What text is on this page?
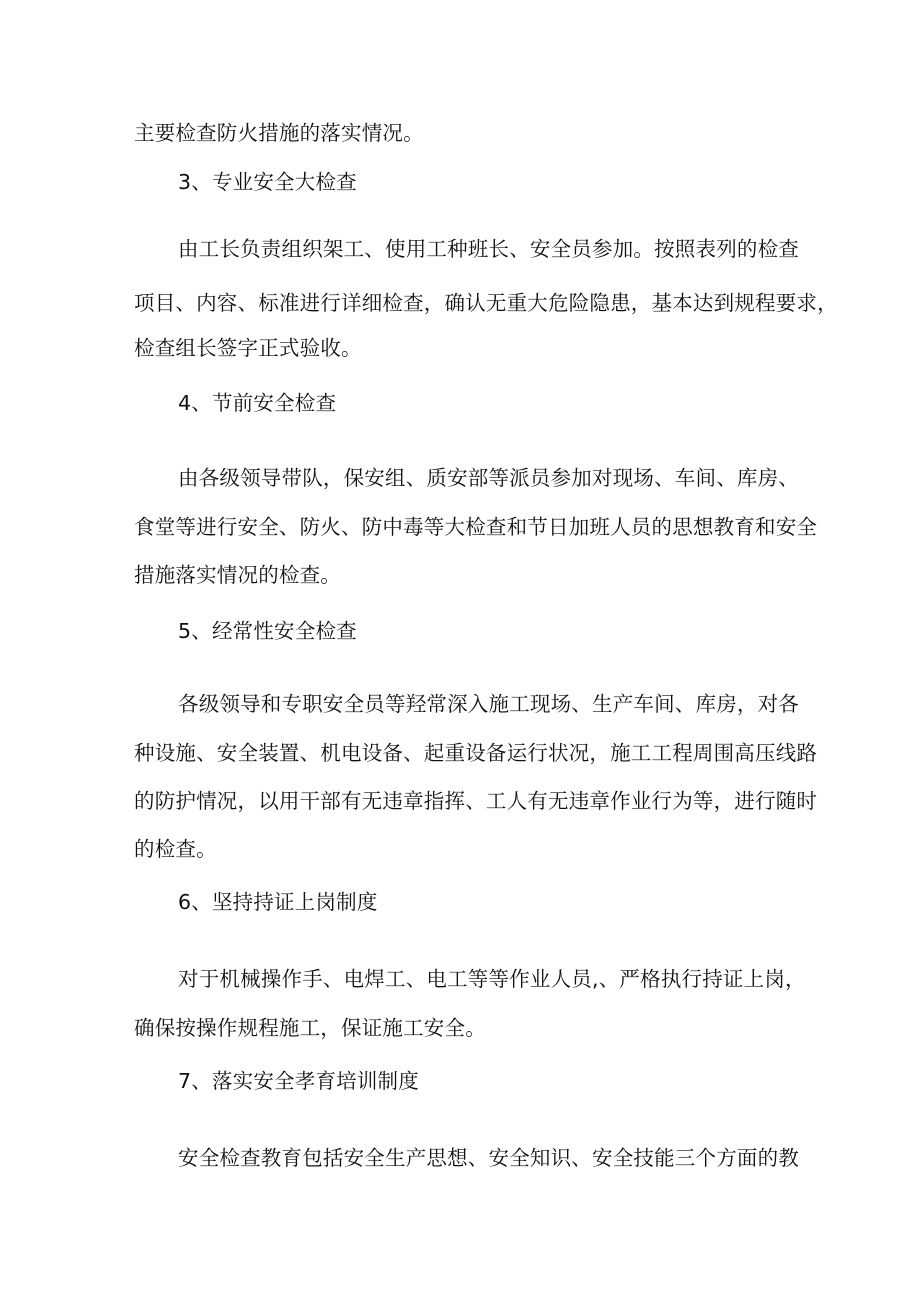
主要检查防火措施的落实情况。
3、专业安全大检查
由工长负责组织架工、使用工种班长、安全员参加。按照表列的检查
项目、内容、标准进行详细检查，确认无重大危险隐患，基本达到规程要求，
检查组长签字正式验收。
4、节前安全检查
由各级领导带队，保安组、质安部等派员参加对现场、车间、库房、
食堂等进行安全、防火、防中毒等大检查和节日加班人员的思想教育和安全
措施落实情况的检查。
5、经常性安全检查
各级领导和专职安全员等羟常深入施工现场、生产车间、库房，对各
种设施、安全装置、机电设备、起重设备运行状况，施工工程周围高压线路
的防护情况，以用干部有无违章指挥、工人有无违章作业行为等，进行随时
的检查。
6、坚持持证上岗制度
对于机械操作手、电焊工、电工等等作业人员,、严格执行持证上岗，
确保按操作规程施工，保证施工安全。
7、落实安全孝育培训制度
安全检查教育包括安全生产思想、安全知识、安全技能三个方面的教
